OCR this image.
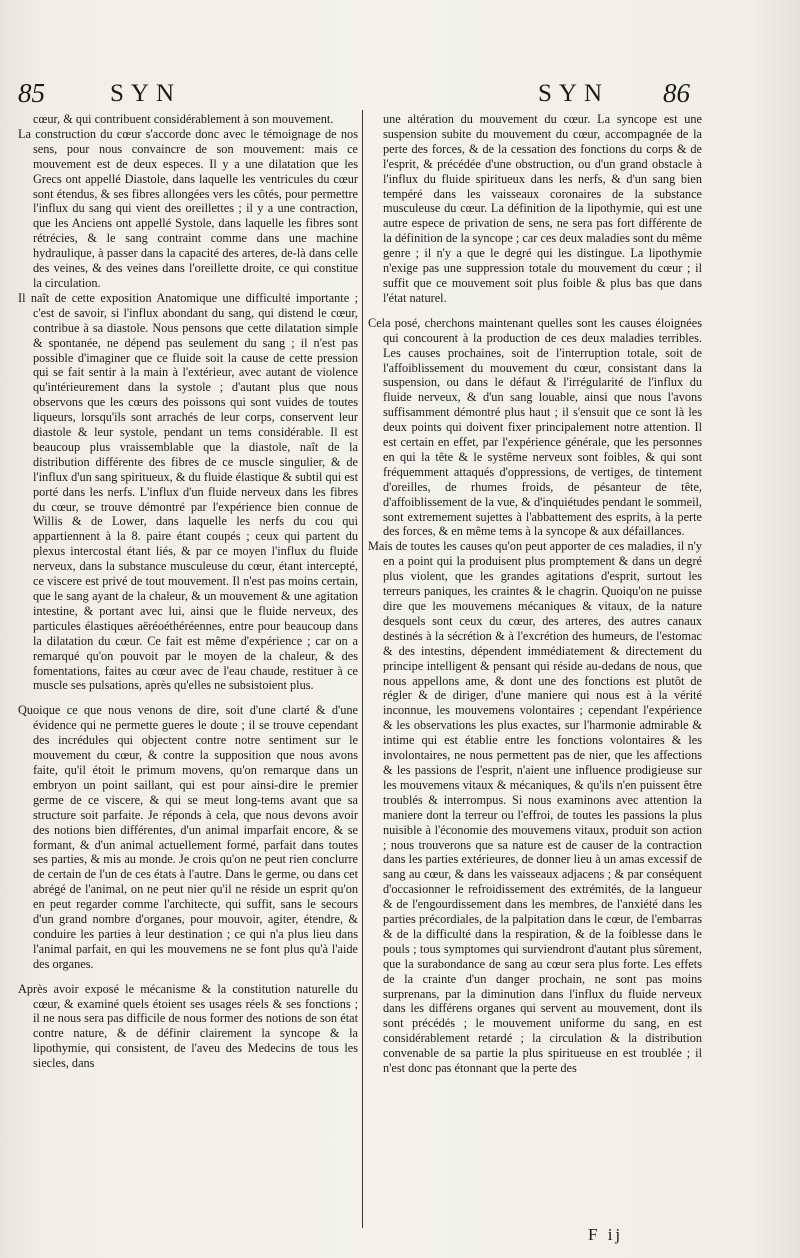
85	SYN	SYN 86

cœur, & qui contribuent considérablement à son mouvement.

La construction du cœur s'accorde donc avec le témoignage de nos sens, pour nous convaincre de son mouvement: mais ce mouvement est de deux especes. Il y a une dilatation que les Grecs ont appellé Diastole, dans laquelle les ventricules du cœur sont étendus, & ses fibres allongées vers les côtés, pour permettre l'influx du sang qui vient des oreillettes ; il y a une contraction, que les Anciens ont appellé Systole, dans laquelle les fibres sont rétrécies, & le sang contraint comme dans une machine hydraulique, à passer dans la capacité des arteres, de-là dans celle des veines, & des veines dans l'oreillette droite, ce qui constitue la circulation.

Il naît de cette exposition Anatomique une difficulté importante ; c'est de savoir, si l'influx abondant du sang, qui distend le cœur, contribue à sa diastole. Nous pensons que cette dilatation simple & spontanée, ne dépend pas seulement du sang ; il n'est pas possible d'imaginer que ce fluide soit la cause de cette pression qui se fait sentir à la main à l'extérieur, avec autant de violence qu'intérieurement dans la systole ; d'autant plus que nous observons que les cœurs des poissons qui sont vuides de toutes liqueurs, lorsqu'ils sont arrachés de leur corps, conservent leur diastole & leur systole, pendant un tems considérable. Il est beaucoup plus vraissemblable que la diastole, naît de la distribution différente des fibres de ce muscle singulier, & de l'influx d'un sang spiritueux, & du fluide élastique & subtil qui est porté dans les nerfs. L'influx d'un fluide nerveux dans les fibres du cœur, se trouve démontré par l'expérience bien connue de Willis & de Lower, dans laquelle les nerfs du cou qui appartiennent à la 8. paire étant coupés ; ceux qui partent du plexus intercostal étant liés, & par ce moyen l'influx du fluide nerveux, dans la substance musculeuse du cœur, étant intercepté, ce viscere est privé de tout mouvement. Il n'est pas moins certain, que le sang ayant de la chaleur, & un mouvement & une agitation intestine, & portant avec lui, ainsi que le fluide nerveux, des particules élastiques aëréoéthéréennes, entre pour beaucoup dans la dilatation du cœur. Ce fait est même d'expérience ; car on a remarqué qu'on pouvoit par le moyen de la chaleur, & des fomentations, faites au cœur avec de l'eau chaude, restituer à ce muscle ses pulsations, après qu'elles ne subsistoient plus.

Quoique ce que nous venons de dire, soit d'une clarté & d'une évidence qui ne permette gueres le doute ; il se trouve cependant des incrédules qui objectent contre notre sentiment sur le mouvement du cœur, & contre la supposition que nous avons faite, qu'il étoit le primum movens, qu'on remarque dans un embryon un point saillant, qui est pour ainsi-dire le premier germe de ce viscere, & qui se meut long-tems avant que sa structure soit parfaite. Je réponds à cela, que nous devons avoir des notions bien différentes, d'un animal imparfait encore, & se formant, & d'un animal actuellement formé, parfait dans toutes ses parties, & mis au monde. Je crois qu'on ne peut rien conclurre de certain de l'un de ces états à l'autre. Dans le germe, ou dans cet abrégé de l'animal, on ne peut nier qu'il ne réside un esprit qu'on en peut regarder comme l'architecte, qui suffit, sans le secours d'un grand nombre d'organes, pour mouvoir, agiter, étendre, & conduire les parties à leur destination ; ce qui n'a plus lieu dans l'animal parfait, en qui les mouvemens ne se font plus qu'à l'aide des organes.

Après avoir exposé le mécanisme & la constitution naturelle du cœur, & examiné quels étoient ses usages réels & ses fonctions ; il ne nous sera pas difficile de nous former des notions de son état contre nature, & de définir clairement la syncope & la lipothymie, qui consistent, de l'aveu des Medecins de tous les siecles, dans

une altération du mouvement du cœur. La syncope est une suspension subite du mouvement du cœur, accompagnée de la perte des forces, & de la cessation des fonctions du corps & de l'esprit, & précédée d'une obstruction, ou d'un grand obstacle à l'influx du fluide spiritueux dans les nerfs, & d'un sang bien tempéré dans les vaisseaux coronaires de la substance musculeuse du cœur. La définition de la lipothymie, qui est une autre espece de privation de sens, ne sera pas fort différente de la définition de la syncope ; car ces deux maladies sont du même genre ; il n'y a que le degré qui les distingue. La lipothymie n'exige pas une suppression totale du mouvement du cœur ; il suffit que ce mouvement soit plus foible & plus bas que dans l'état naturel.

Cela posé, cherchons maintenant quelles sont les causes éloignées qui concourent à la production de ces deux maladies terribles. Les causes prochaines, soit de l'interruption totale, soit de l'affoiblissement du mouvement du cœur, consistant dans la suspension, ou dans le défaut & l'irrégularité de l'influx du fluide nerveux, & d'un sang louable, ainsi que nous l'avons suffisamment démontré plus haut ; il s'ensuit que ce sont là les deux points qui doivent fixer principalement notre attention. Il est certain en effet, par l'expérience générale, que les personnes en qui la tête & le systême nerveux sont foibles, & qui sont fréquemment attaqués d'oppressions, de vertiges, de tintement d'oreilles, de rhumes froids, de pésanteur de tête, d'affoiblissement de la vue, & d'inquiétudes pendant le sommeil, sont extremement sujettes à l'abbattement des esprits, à la perte des forces, & en même tems à la syncope & aux défaillances.

Mais de toutes les causes qu'on peut apporter de ces maladies, il n'y en a point qui la produisent plus promptement & dans un degré plus violent, que les grandes agitations d'esprit, surtout les terreurs paniques, les craintes & le chagrin. Quoiqu'on ne puisse dire que les mouvemens mécaniques & vitaux, de la nature desquels sont ceux du cœur, des arteres, des autres canaux destinés à la sécrétion & à l'excrétion des humeurs, de l'estomac & des intestins, dépendent immédiatement & directement du principe intelligent & pensant qui réside au-dedans de nous, que nous appellons ame, & dont une des fonctions est plutôt de régler & de diriger, d'une maniere qui nous est à la vérité inconnue, les mouvemens volontaires ; cependant l'expérience & les observations les plus exactes, sur l'harmonie admirable & intime qui est établie entre les fonctions volontaires & les involontaires, ne nous permettent pas de nier, que les affections & les passions de l'esprit, n'aient une influence prodigieuse sur les mouvemens vitaux & mécaniques, & qu'ils n'en puissent être troublés & interrompus. Si nous examinons avec attention la maniere dont la terreur ou l'effroi, de toutes les passions la plus nuisible à l'économie des mouvemens vitaux, produit son action ; nous trouverons que sa nature est de causer de la contraction dans les parties extérieures, de donner lieu à un amas excessif de sang au cœur, & dans les vaisseaux adjacens ; & par conséquent d'occasionner le refroidissement des extrémités, de la langueur & de l'engourdissement dans les membres, de l'anxiété dans les parties précordiales, de la palpitation dans le cœur, de l'embarras & de la difficulté dans la respiration, & de la foiblesse dans le pouls ; tous symptomes qui surviendront d'autant plus sûrement, que la surabondance de sang au cœur sera plus forte. Les effets de la crainte d'un danger prochain, ne sont pas moins surprenans, par la diminution dans l'influx du fluide nerveux dans les différens organes qui servent au mouvement, dont ils sont précédés ; le mouvement uniforme du sang, en est considérablement retardé ; la circulation & la distribution convenable de sa partie la plus spiritueuse en est troublée ; il n'est donc pas étonnant que la perte des

F ij
